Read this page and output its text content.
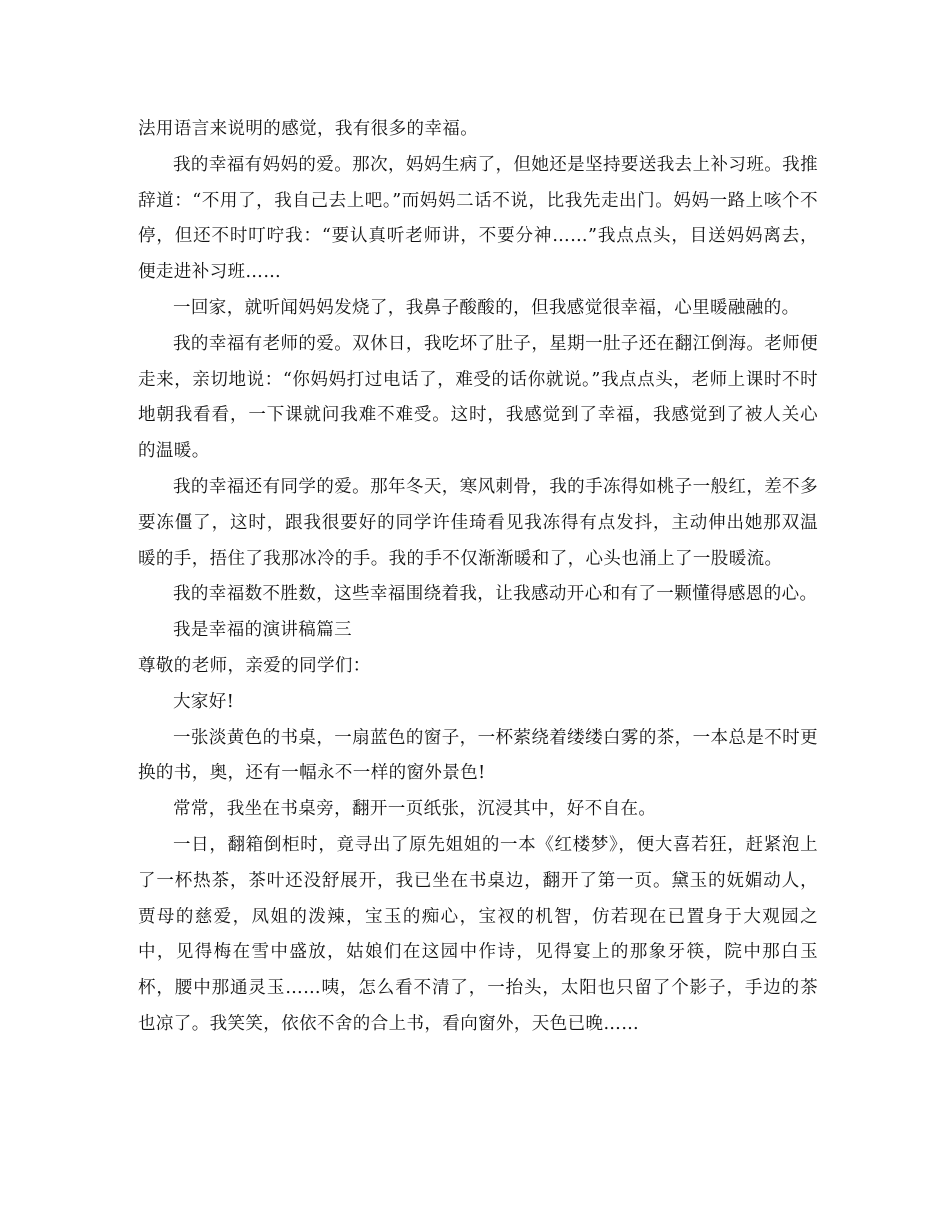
法用语言来说明的感觉，我有很多的幸福。

我的幸福有妈妈的爱。那次，妈妈生病了，但她还是坚持要送我去上补习班。我推辞道：“不用了，我自己去上吧。”而妈妈二话不说，比我先走出门。妈妈一路上咳个不停，但还不时叮咛我：“要认真听老师讲，不要分神……”我点点头，目送妈妈离去，便走进补习班……

一回家，就听闻妈妈发烧了，我鼻子酸酸的，但我感觉很幸福，心里暖融融的。

我的幸福有老师的爱。双休日，我吃坏了肚子，星期一肚子还在翻江倒海。老师便走来，亲切地说：“你妈妈打过电话了，难受的话你就说。”我点点头，老师上课时不时地朝我看看，一下课就问我难不难受。这时，我感觉到了幸福，我感觉到了被人关心的温暖。

我的幸福还有同学的爱。那年冬天，寒风刺骨，我的手冻得如桃子一般红，差不多要冻僵了，这时，跟我很要好的同学许佳琦看见我冻得有点发抖，主动伸出她那双温暖的手，捂住了我那冰冷的手。我的手不仅渐渐暖和了，心头也涌上了一股暖流。

我的幸福数不胜数，这些幸福围绕着我，让我感动开心和有了一颗懂得感恩的心。

我是幸福的演讲稿篇三

尊敬的老师，亲爱的同学们：

大家好!

一张淡黄色的书桌，一扇蓝色的窗子，一杯萦绕着缕缕白雾的茶，一本总是不时更换的书，奥，还有一幅永不一样的窗外景色!

常常，我坐在书桌旁，翻开一页纸张，沉浸其中，好不自在。

一日，翻箱倒柜时，竟寻出了原先姐姐的一本《红楼梦》，便大喜若狂，赶紧泡上了一杯热茶，茶叶还没舒展开，我已坐在书桌边，翻开了第一页。黛玉的妩媚动人，贾母的慈爱，凤姐的泼辣，宝玉的痴心，宝衩的机智，仿若现在已置身于大观园之中，见得梅在雪中盛放，姑娘们在这园中作诗，见得宴上的那象牙筷，院中那白玉杯，腰中那通灵玉……咦，怎么看不清了，一抬头，太阳也只留了个影子，手边的茶也凉了。我笑笑，依依不舍的合上书，看向窗外，天色已晚……
